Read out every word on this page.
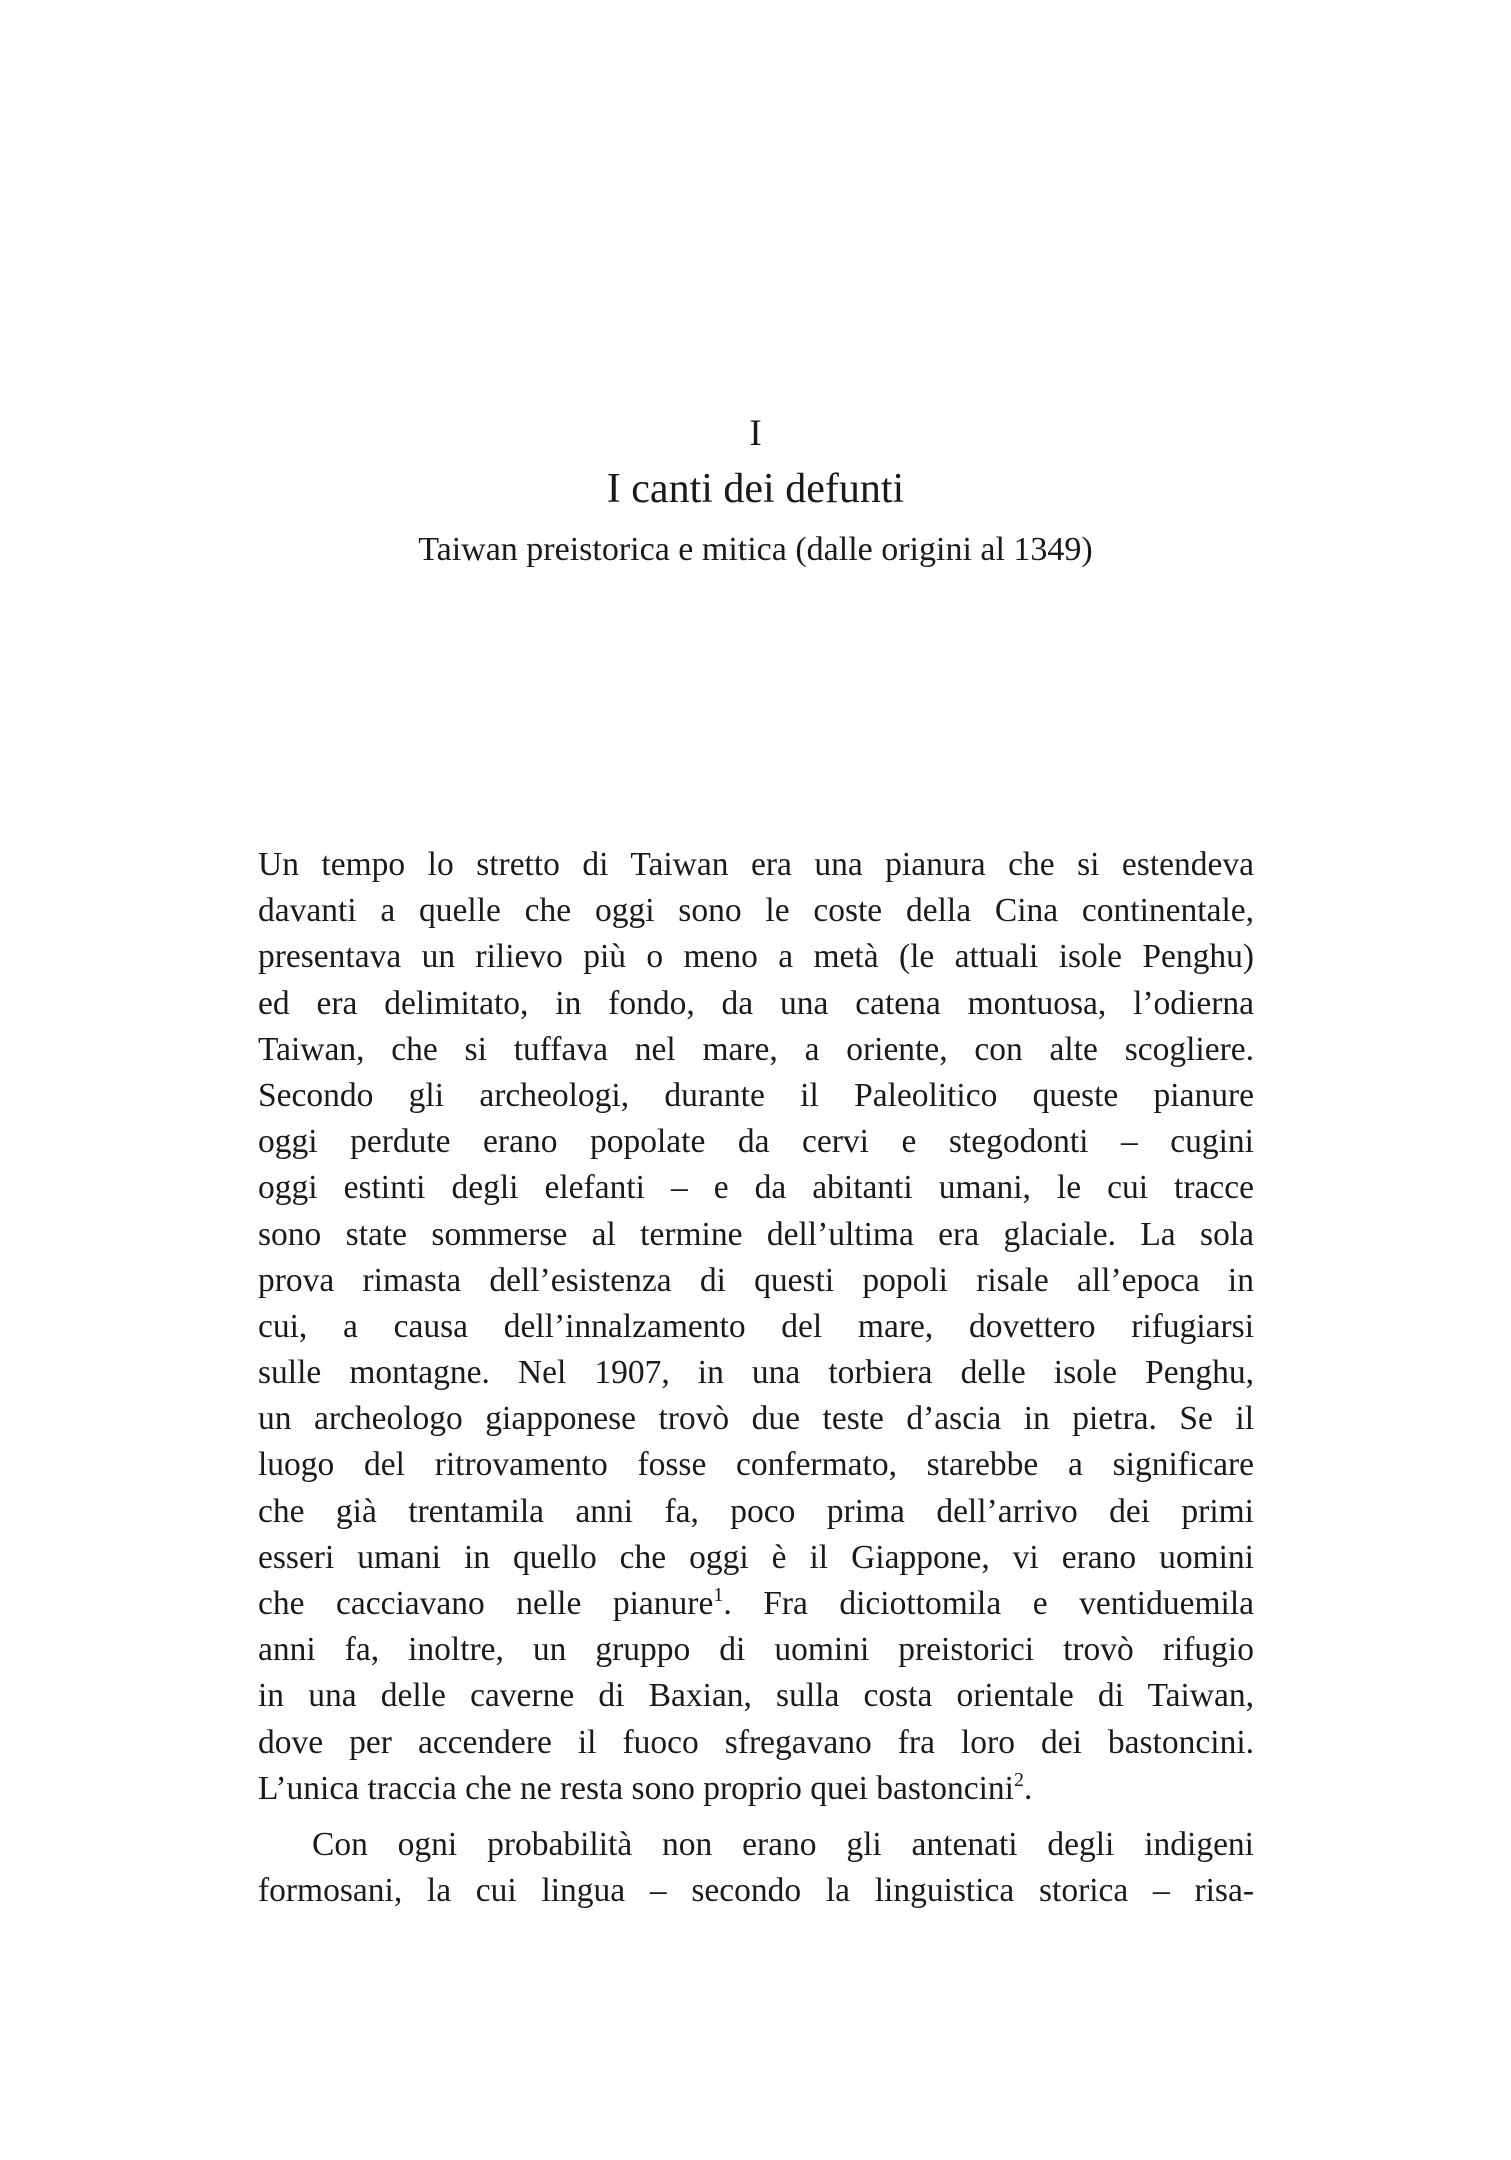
I
I canti dei defunti
Taiwan preistorica e mitica (dalle origini al 1349)
Un tempo lo stretto di Taiwan era una pianura che si estendeva
davanti a quelle che oggi sono le coste della Cina continentale,
presentava un rilievo più o meno a metà (le attuali isole Penghu)
ed era delimitato, in fondo, da una catena montuosa, l’odierna
Taiwan, che si tuffava nel mare, a oriente, con alte scogliere.
Secondo gli archeologi, durante il Paleolitico queste pianure
oggi perdute erano popolate da cervi e stegodonti – cugini
oggi estinti degli elefanti – e da abitanti umani, le cui tracce
sono state sommerse al termine dell’ultima era glaciale. La sola
prova rimasta dell’esistenza di questi popoli risale all’epoca in
cui, a causa dell’innalzamento del mare, dovettero rifugiarsi
sulle montagne. Nel 1907, in una torbiera delle isole Penghu,
un archeologo giapponese trovò due teste d’ascia in pietra. Se il
luogo del ritrovamento fosse confermato, starebbe a significare
che già trentamila anni fa, poco prima dell’arrivo dei primi
esseri umani in quello che oggi è il Giappone, vi erano uomini
che cacciavano nelle pianure$^1$. Fra diciottomila e ventiduemila
anni fa, inoltre, un gruppo di uomini preistorici trovò rifugio
in una delle caverne di Baxian, sulla costa orientale di Taiwan,
dove per accendere il fuoco sfregavano fra loro dei bastoncini.
L’unica traccia che ne resta sono proprio quei bastoncini$^2$.
Con ogni probabilità non erano gli antenati degli indigeni
formosani, la cui lingua – secondo la linguistica storica – risa-
